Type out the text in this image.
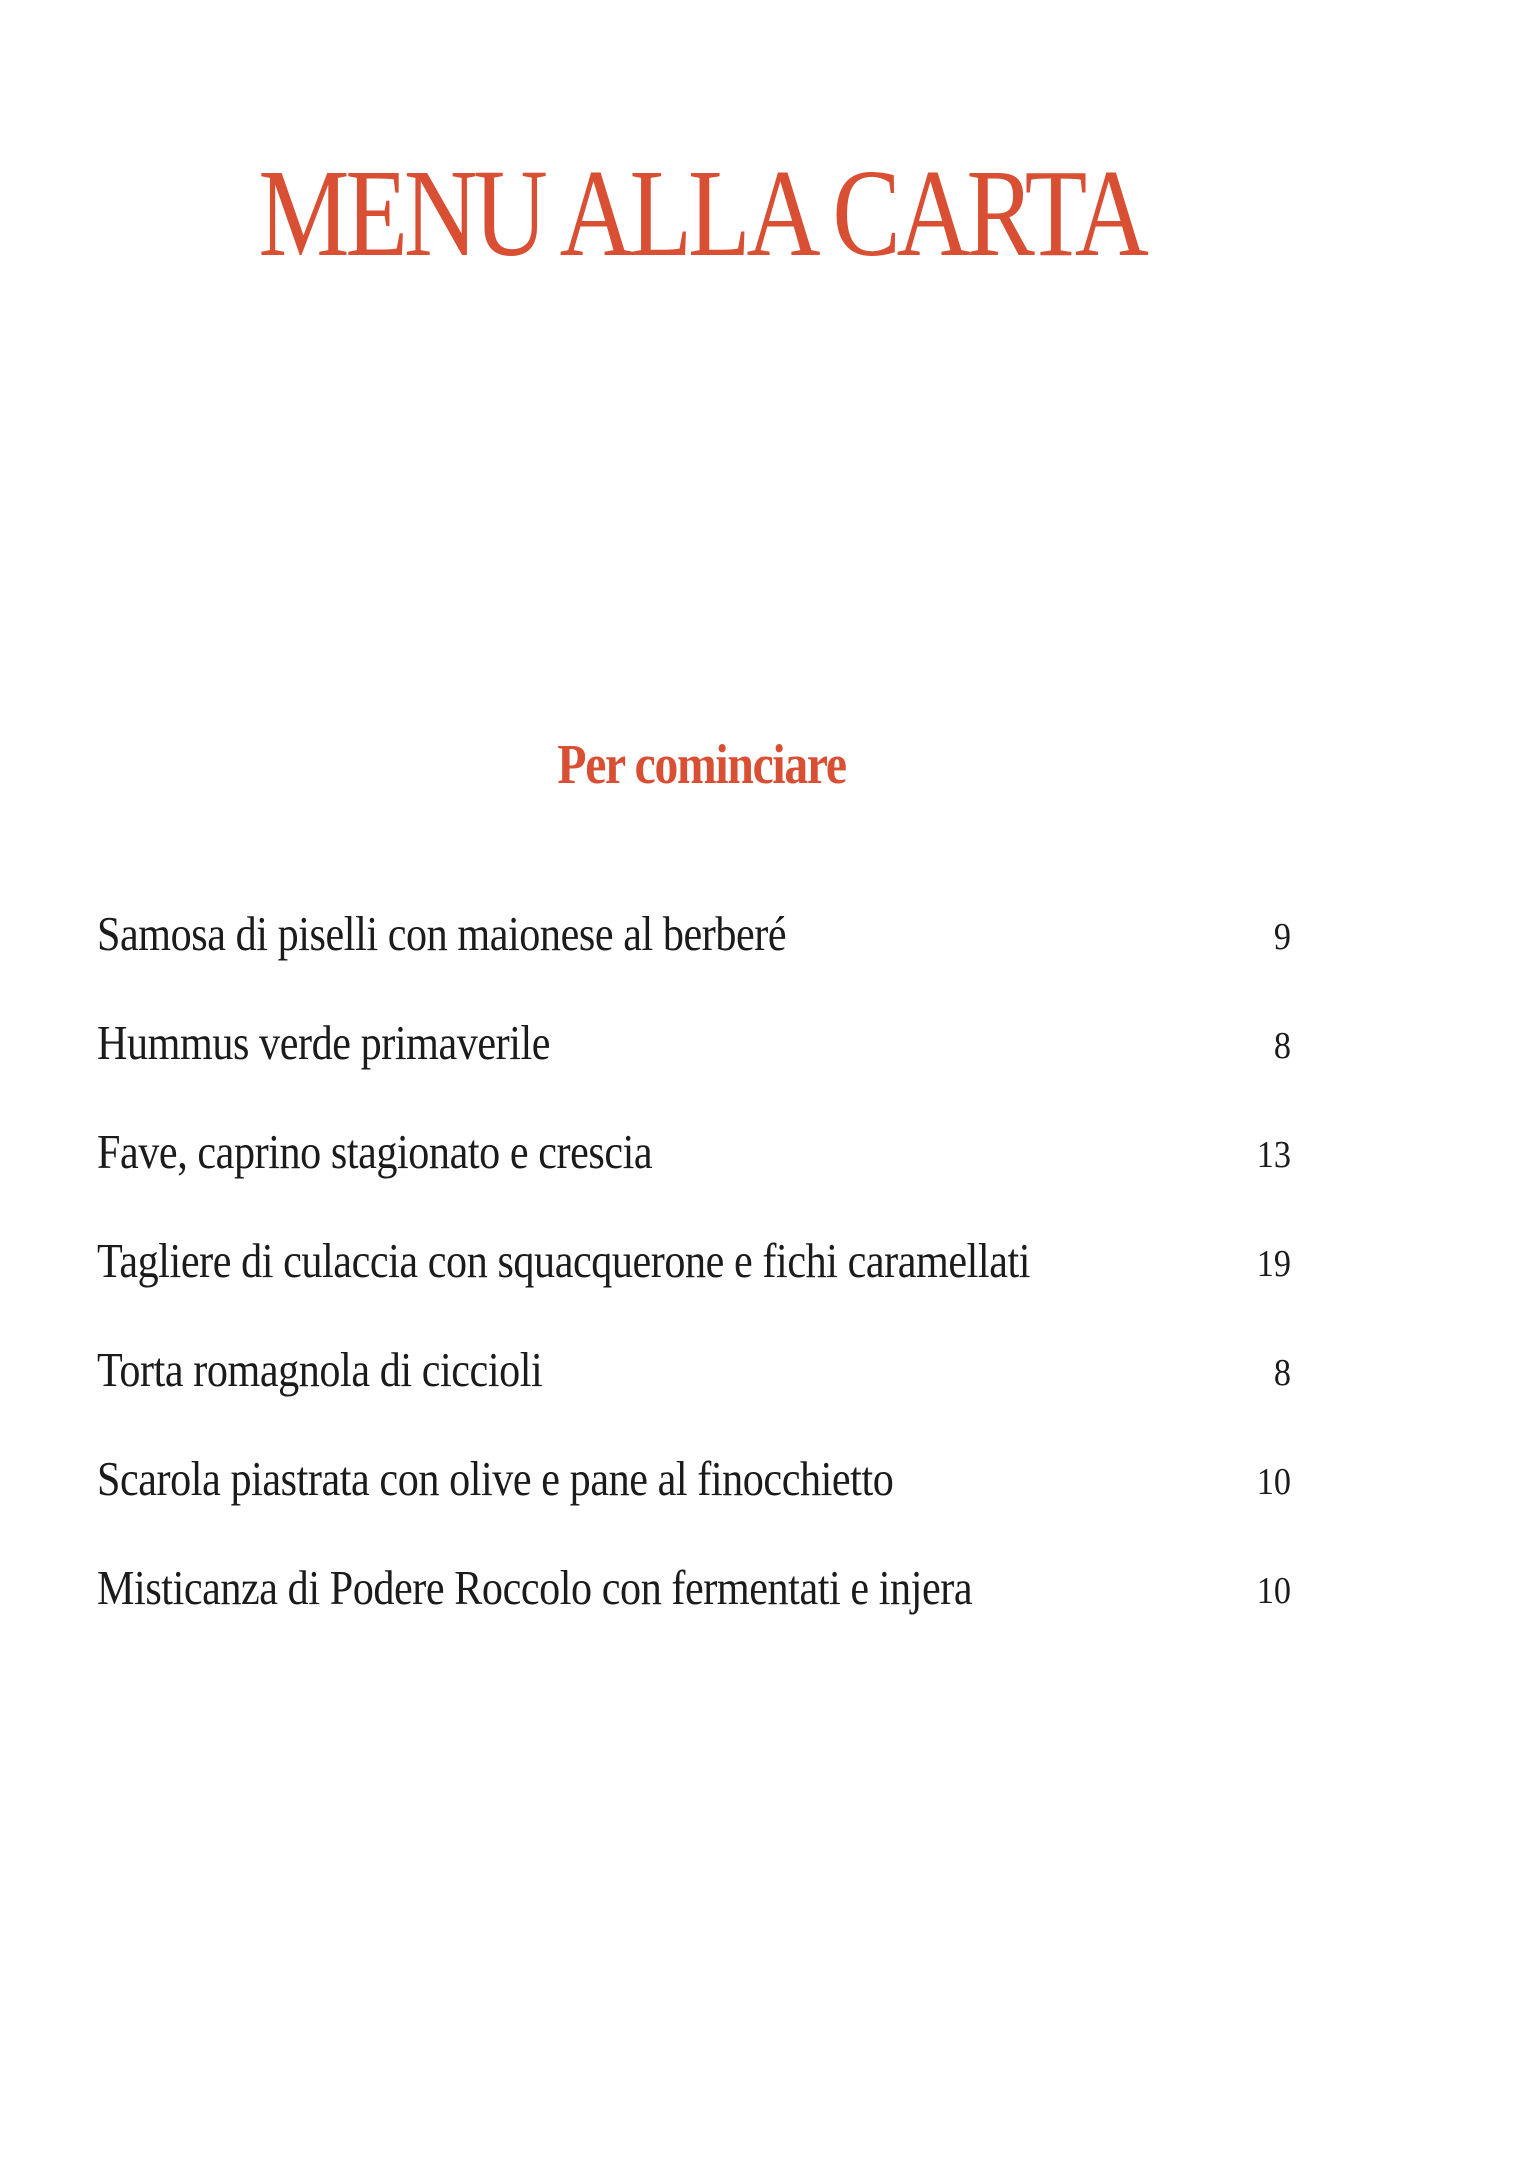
MENU ALLA CARTA
Per cominciare
Samosa di piselli con maionese al berberé	9
Hummus verde primaverile	8
Fave, caprino stagionato e crescia	13
Tagliere di culaccia con squacquerone e fichi caramellati	19
Torta romagnola di ciccioli	8
Scarola piastrata con olive e pane al finocchietto	10
Misticanza di Podere Roccolo con fermentati e injera	10
